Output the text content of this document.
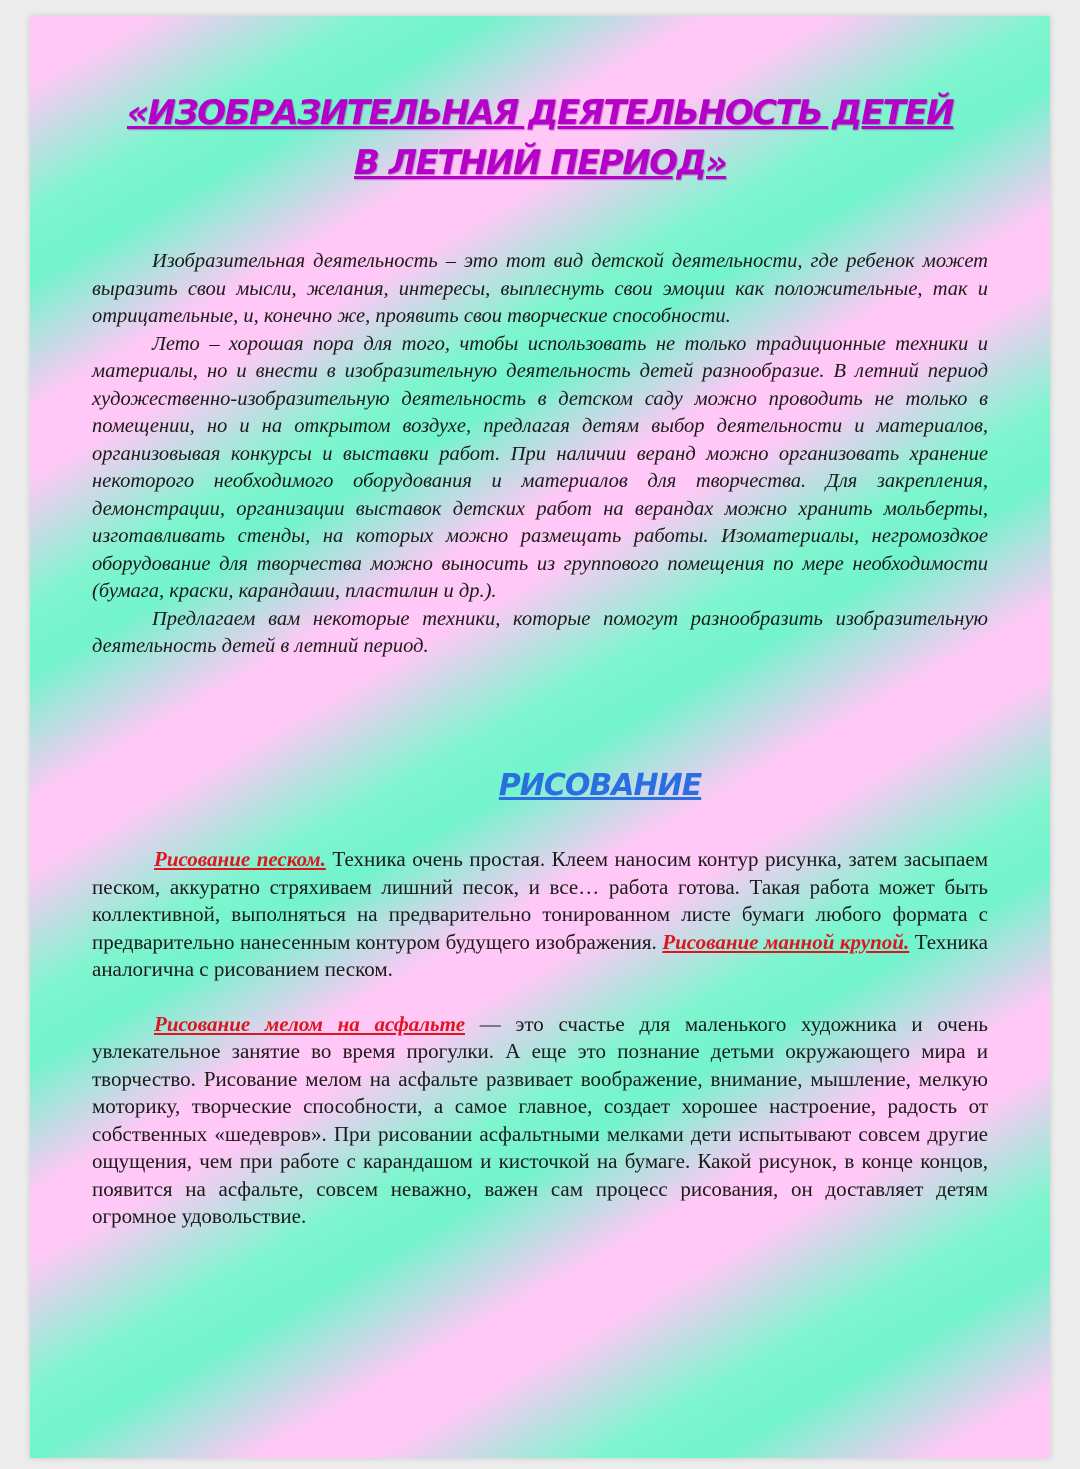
«ИЗОБРАЗИТЕЛЬНАЯ ДЕЯТЕЛЬНОСТЬ ДЕТЕЙ
В ЛЕТНИЙ ПЕРИОД»

Изобразительная деятельность – это тот вид детской деятельности, где ребенок может выразить свои мысли, желания, интересы, выплеснуть свои эмоции как положительные, так и отрицательные, и, конечно же, проявить свои творческие способности.

Лето – хорошая пора для того, чтобы использовать не только традиционные техники и материалы, но и внести в изобразительную деятельность детей разнообразие. В летний период художественно-изобразительную деятельность в детском саду можно проводить не только в помещении, но и на открытом воздухе, предлагая детям выбор деятельности и материалов, организовывая конкурсы и выставки работ. При наличии веранд можно организовать хранение некоторого необходимого оборудования и материалов для творчества. Для закрепления, демонстрации, организации выставок детских работ на верандах можно хранить мольберты, изготавливать стенды, на которых можно размещать работы. Изоматериалы, негромоздкое оборудование для творчества можно выносить из группового помещения по мере необходимости (бумага, краски, карандаши, пластилин и др.).

Предлагаем вам некоторые техники, которые помогут разнообразить изобразительную деятельность детей в летний период.

РИСОВАНИЕ

Рисование песком. Техника очень простая. Клеем наносим контур рисунка, затем засыпаем песком, аккуратно стряхиваем лишний песок, и все… работа готова. Такая работа может быть коллективной, выполняться на предварительно тонированном листе бумаги любого формата с предварительно нанесенным контуром будущего изображения. Рисование манной крупой. Техника аналогична с рисованием песком.

Рисование мелом на асфальте — это счастье для маленького художника и очень увлекательное занятие во время прогулки. А еще это познание детьми окружающего мира и творчество. Рисование мелом на асфальте развивает воображение, внимание, мышление, мелкую моторику, творческие способности, а самое главное, создает хорошее настроение, радость от собственных «шедевров». При рисовании асфальтными мелками дети испытывают совсем другие ощущения, чем при работе с карандашом и кисточкой на бумаге. Какой рисунок, в конце концов, появится на асфальте, совсем неважно, важен сам процесс рисования, он доставляет детям огромное удовольствие.
